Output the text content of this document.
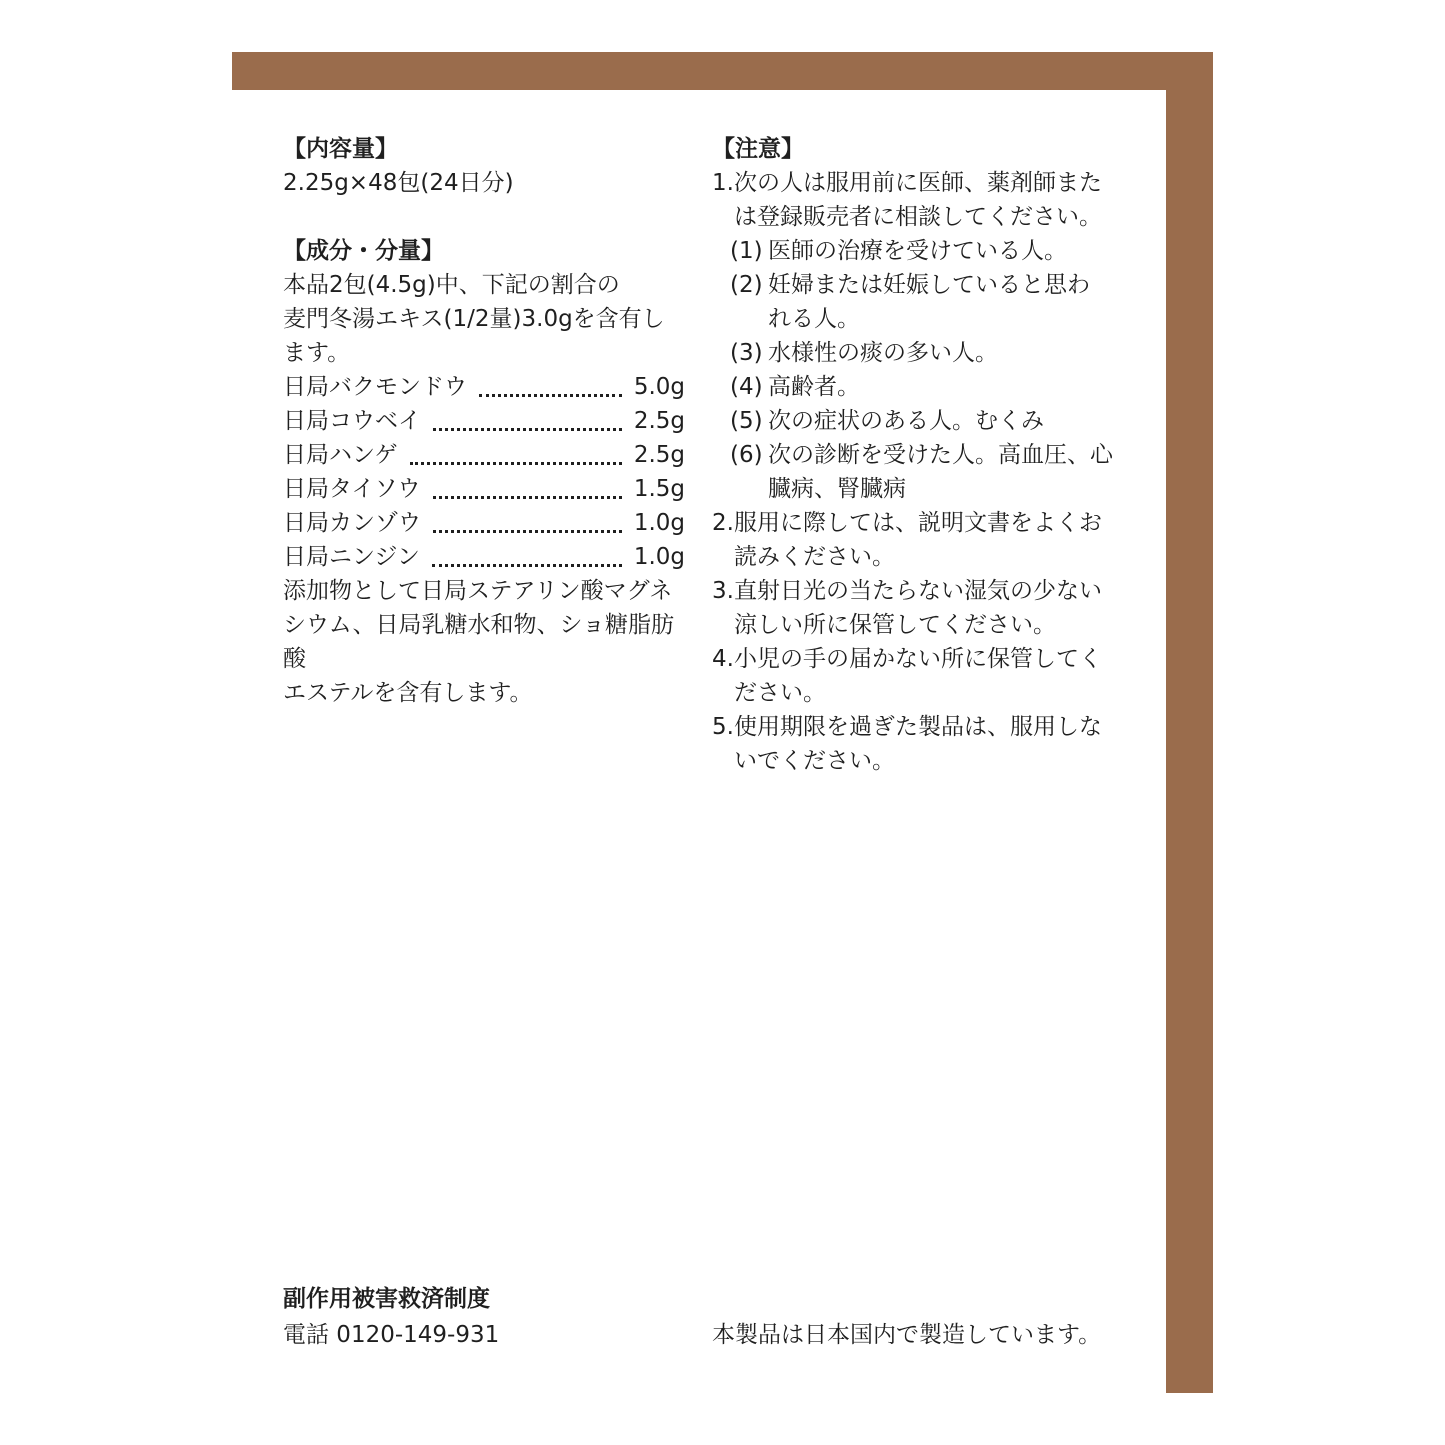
【内容量】
2.25g×48包(24日分)
【成分・分量】
本品2包(4.5g)中、下記の割合の
麦門冬湯エキス(1/2量)3.0gを含有し
ます。
日局バクモンドウ	5.0g
日局コウベイ	2.5g
日局ハンゲ	2.5g
日局タイソウ	1.5g
日局カンゾウ	1.0g
日局ニンジン	1.0g
添加物として日局ステアリン酸マグネ
シウム、日局乳糖水和物、ショ糖脂肪酸
エステルを含有します。
【注意】
1. 次の人は服用前に医師、薬剤師また
は登録販売者に相談してください。
(1) 医師の治療を受けている人。
(2) 妊婦または妊娠していると思わ
れる人。
(3) 水様性の痰の多い人。
(4) 高齢者。
(5) 次の症状のある人。むくみ
(6) 次の診断を受けた人。高血圧、心
臓病、腎臓病
2. 服用に際しては、説明文書をよくお
読みください。
3. 直射日光の当たらない湿気の少ない
涼しい所に保管してください。
4. 小児の手の届かない所に保管してく
ださい。
5. 使用期限を過ぎた製品は、服用しな
いでください。
副作用被害救済制度
電話 0120-149-931	本製品は日本国内で製造しています。
